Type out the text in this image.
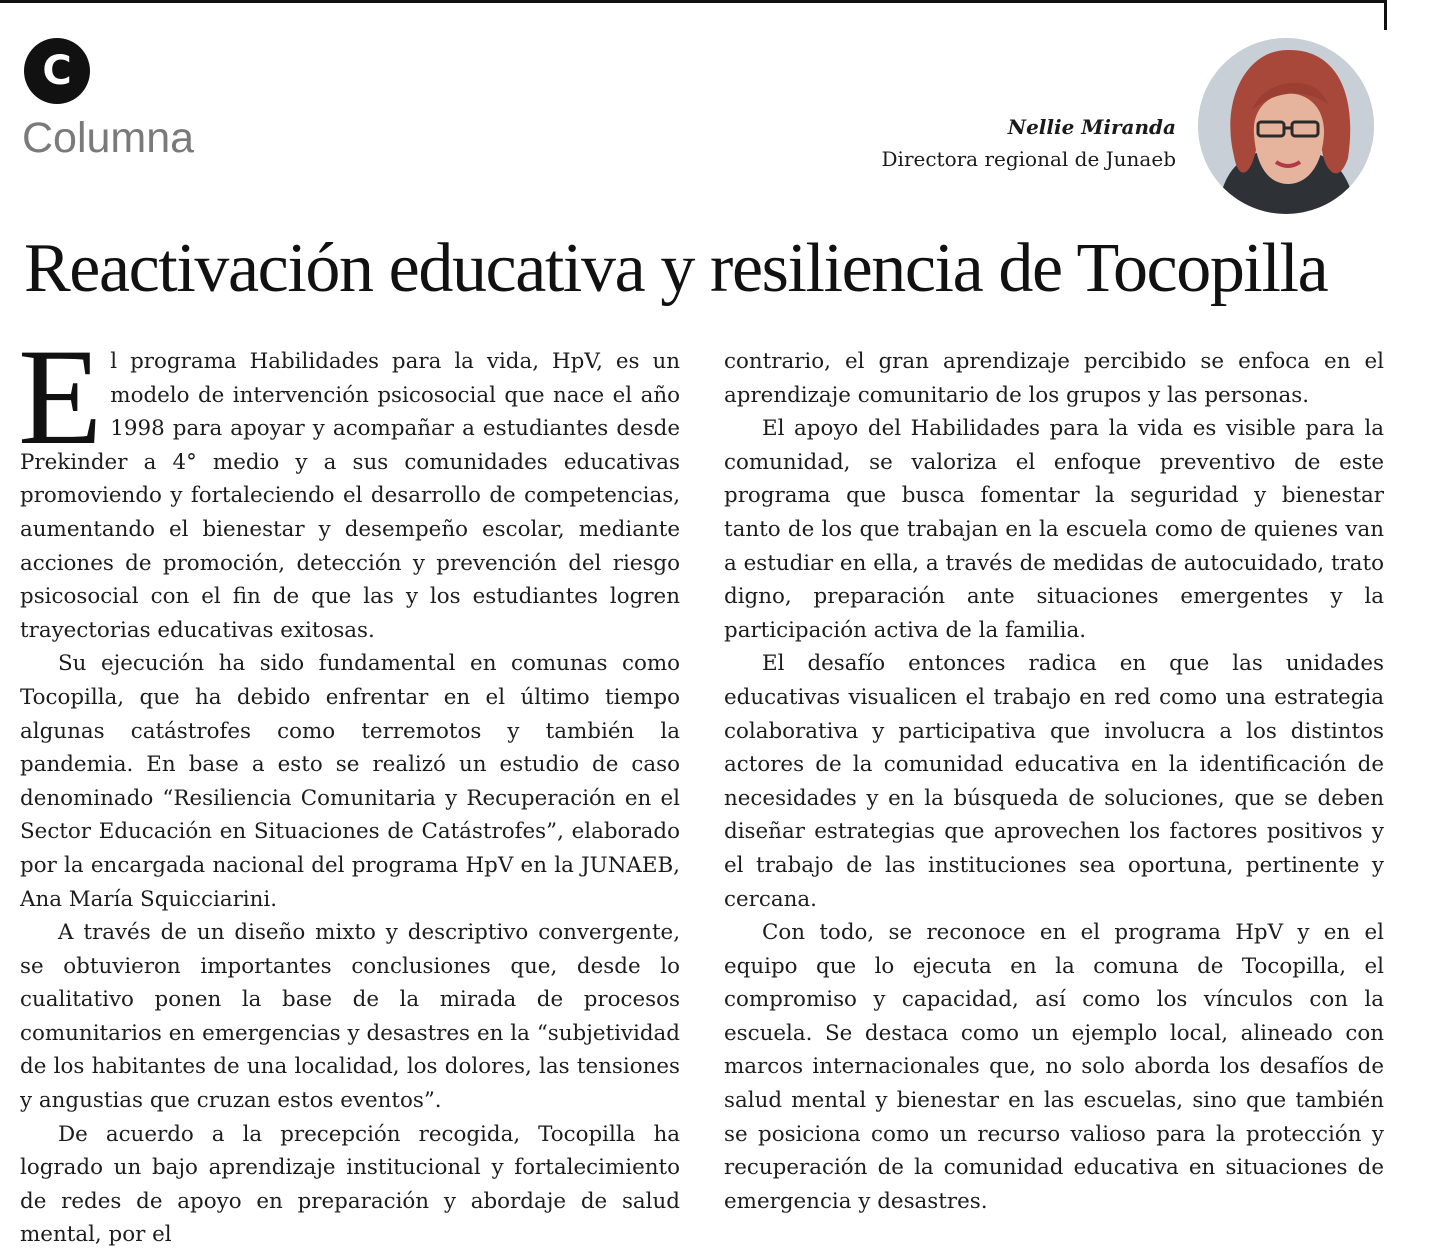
C
Columna	Nellie Miranda
Directora regional de Junaeb
Reactivación educativa y resiliencia de Tocopilla

El programa Habilidades para la vida, HpV, es un modelo de intervención psicosocial que nace el año 1998 para apoyar y acompañar a estudiantes desde Prekinder a 4° medio y a sus comunidades educativas promoviendo y fortaleciendo el desarrollo de competencias, aumentando el bienestar y desempeño escolar, mediante acciones de promoción, detección y prevención del riesgo psicosocial con el fin de que las y los estudiantes logren trayectorias educativas exitosas.

Su ejecución ha sido fundamental en comunas como Tocopilla, que ha debido enfrentar en el último tiempo algunas catástrofes como terremotos y también la pandemia. En base a esto se realizó un estudio de caso denominado “Resiliencia Comunitaria y Recuperación en el Sector Educación en Situaciones de Catástrofes”, elaborado por la encargada nacional del programa HpV en la JUNAEB, Ana María Squicciarini.

A través de un diseño mixto y descriptivo convergente, se obtuvieron importantes conclusiones que, desde lo cualitativo ponen la base de la mirada de procesos comunitarios en emergencias y desastres en la “subjetividad de los habitantes de una localidad, los dolores, las tensiones y angustias que cruzan estos eventos”.

De acuerdo a la precepción recogida, Tocopilla ha logrado un bajo aprendizaje institucional y fortalecimiento de redes de apoyo en preparación y abordaje de salud mental, por el

contrario, el gran aprendizaje percibido se enfoca en el aprendizaje comunitario de los grupos y las personas.

El apoyo del Habilidades para la vida es visible para la comunidad, se valoriza el enfoque preventivo de este programa que busca fomentar la seguridad y bienestar tanto de los que trabajan en la escuela como de quienes van a estudiar en ella, a través de medidas de autocuidado, trato digno, preparación ante situaciones emergentes y la participación activa de la familia.

El desafío entonces radica en que las unidades educativas visualicen el trabajo en red como una estrategia colaborativa y participativa que involucra a los distintos actores de la comunidad educativa en la identificación de necesidades y en la búsqueda de soluciones, que se deben diseñar estrategias que aprovechen los factores positivos y el trabajo de las instituciones sea oportuna, pertinente y cercana.

Con todo, se reconoce en el programa HpV y en el equipo que lo ejecuta en la comuna de Tocopilla, el compromiso y capacidad, así como los vínculos con la escuela. Se destaca como un ejemplo local, alineado con marcos internacionales que, no solo aborda los desafíos de salud mental y bienestar en las escuelas, sino que también se posiciona como un recurso valioso para la protección y recuperación de la comunidad educativa en situaciones de emergencia y desastres.
